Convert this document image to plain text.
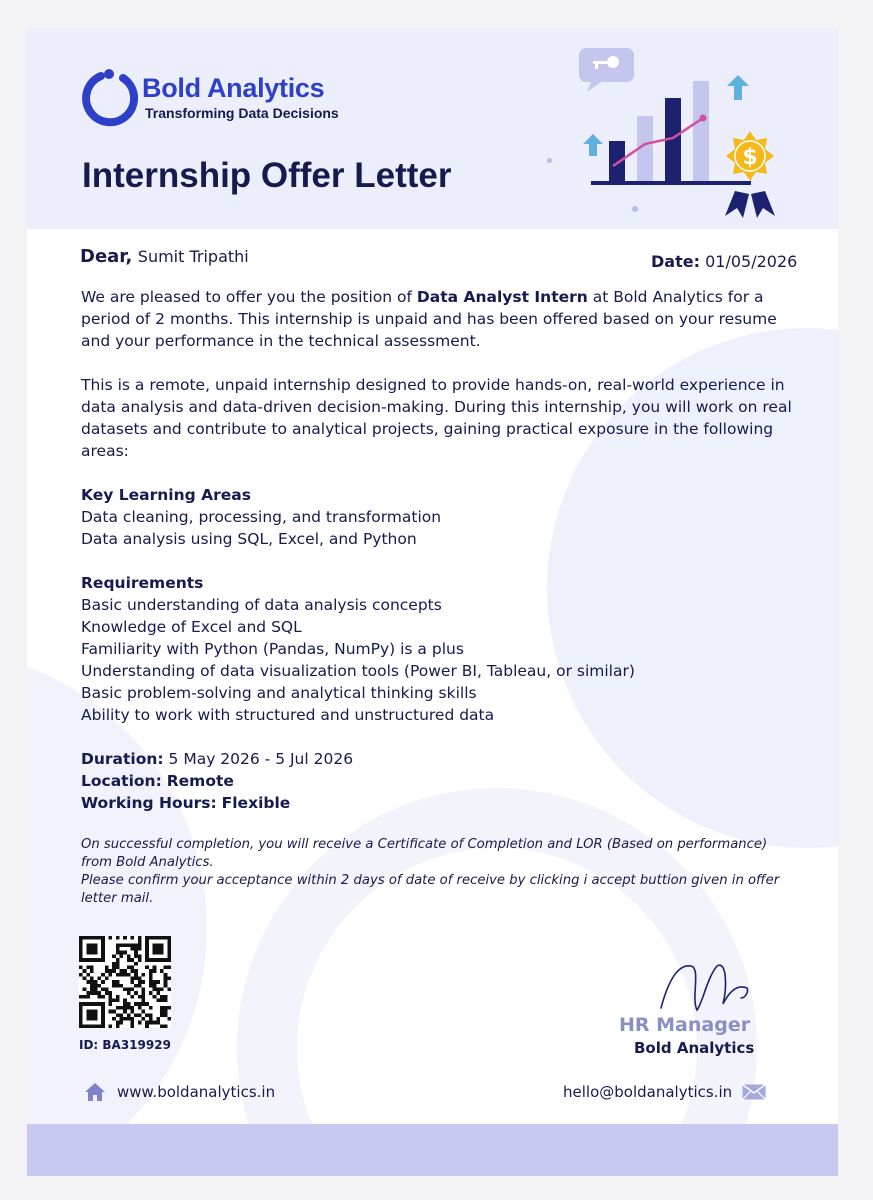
Bold Analytics
Transforming Data Decisions
Internship Offer Letter	$
Dear, Sumit Tripathi	Date: 01/05/2026

We are pleased to offer you the position of Data Analyst Intern at Bold Analytics for a period of 2 months. This internship is unpaid and has been offered based on your resume and your performance in the technical assessment.

This is a remote, unpaid internship designed to provide hands-on, real-world experience in data analysis and data-driven decision-making. During this internship, you will work on real datasets and contribute to analytical projects, gaining practical exposure in the following areas:

Key Learning Areas
Data cleaning, processing, and transformation
Data analysis using SQL, Excel, and Python
Requirements
Basic understanding of data analysis concepts
Knowledge of Excel and SQL
Familiarity with Python (Pandas, NumPy) is a plus
Understanding of data visualization tools (Power BI, Tableau, or similar)
Basic problem-solving and analytical thinking skills
Ability to work with structured and unstructured data
Duration: 5 May 2026 - 5 Jul 2026
Location: Remote
Working Hours: Flexible

On successful completion, you will receive a Certificate of Completion and LOR (Based on performance) from Bold Analytics.

Please confirm your acceptance within 2 days of date of receive by clicking i accept buttion given in offer letter mail.

ID: BA319929
HR Manager
Bold Analytics
www.boldanalytics.in	hello@boldanalytics.in
